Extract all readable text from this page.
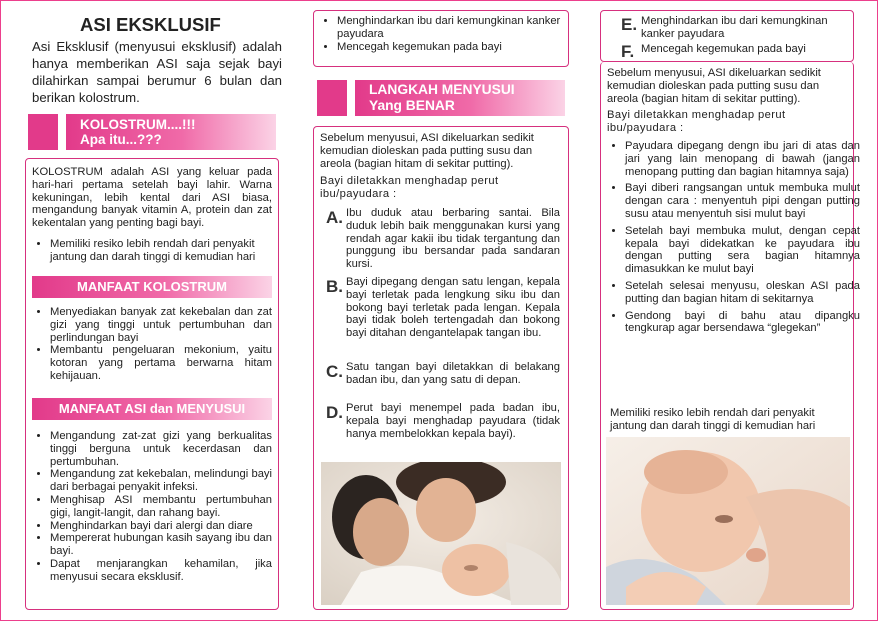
ASI EKSKLUSIF
Asi Eksklusif (menyusui eksklusif) adalah hanya memberikan ASI saja sejak bayi dilahirkan sampai berumur 6 bulan dan berikan kolostrum.
KOLOSTRUM....!!!
Apa itu...???
KOLOSTRUM adalah ASI yang keluar pada hari-hari pertama setelah bayi lahir. Warna kekuningan, lebih kental dari ASI biasa, mengandung banyak vitamin A, protein dan zat kekentalan yang penting bagi bayi.
• Memiliki resiko lebih rendah dari penyakit jantung dan darah tinggi di kemudian hari
MANFAAT KOLOSTRUM
• Menyediakan banyak zat kekebalan dan zat gizi yang tinggi untuk pertumbuhan dan perlindungan bayi
• Membantu pengeluaran mekonium, yaitu kotoran yang pertama berwarna hitam kehijauan.
MANFAAT ASI dan MENYUSUI
• Mengandung zat-zat gizi yang berkualitas tinggi berguna untuk kecerdasan dan pertumbuhan.
• Mengandung zat kekebalan, melindungi bayi dari berbagai penyakit infeksi.
• Menghisap ASI membantu pertumbuhan gigi, langit-langit, dan rahang bayi.
• Menghindarkan bayi dari alergi dan diare
• Mempererat hubungan kasih sayang ibu dan bayi.
• Dapat menjarangkan kehamilan, jika menyusui secara eksklusif.
• Menghindarkan ibu dari kemungkinan kanker payudara
• Mencegah kegemukan pada bayi
LANGKAH MENYUSUI
Yang BENAR
Sebelum menyusui, ASI dikeluarkan sedikit kemudian dioleskan pada putting susu dan areola (bagian hitam di sekitar putting).
Bayi diletakkan menghadap perut ibu/payudara :
A. Ibu duduk atau berbaring santai. Bila duduk lebih baik menggunakan kursi yang rendah agar kakii ibu tidak tergantung dan punggung ibu bersandar pada sandaran kursi.
B. Bayi dipegang dengan satu lengan, kepala bayi terletak pada lengkung siku ibu dan bokong bayi terletak pada lengan. Kepala bayi tidak boleh tertengadah dan bokong bayi ditahan dengantelapak tangan ibu.
C. Satu tangan bayi diletakkan di belakang badan ibu, dan yang satu di depan.
D. Perut bayi menempel pada badan ibu, kepala bayi menghadap payudara (tidak hanya membelokkan kepala bayi).
E. Menghindarkan ibu dari kemungkinan kanker payudara
F. Mencegah kegemukan pada bayi
Sebelum menyusui, ASI dikeluarkan sedikit kemudian dioleskan pada putting susu dan areola (bagian hitam di sekitar putting).
Bayi diletakkan menghadap perut ibu/payudara :
• Payudara dipegang dengn ibu jari di atas dan jari yang lain menopang di bawah (jangan menopang putting dan bagian hitamnya saja)
• Bayi diberi rangsangan untuk membuka mulut dengan cara : menyentuh pipi dengan putting susu atau menyentuh sisi mulut bayi
• Setelah bayi membuka mulut, dengan cepat kepala bayi didekatkan ke payudara ibu dengan putting sera bagian hitamnya dimasukkan ke mulut bayi
• Setelah selesai menyusu, oleskan ASI pada putting dan bagian hitam di sekitarnya
• Gendong bayi di bahu atau dipangku tengkurap agar bersendawa “glegekan”
Memiliki resiko lebih rendah dari penyakit jantung dan darah tinggi di kemudian hari
